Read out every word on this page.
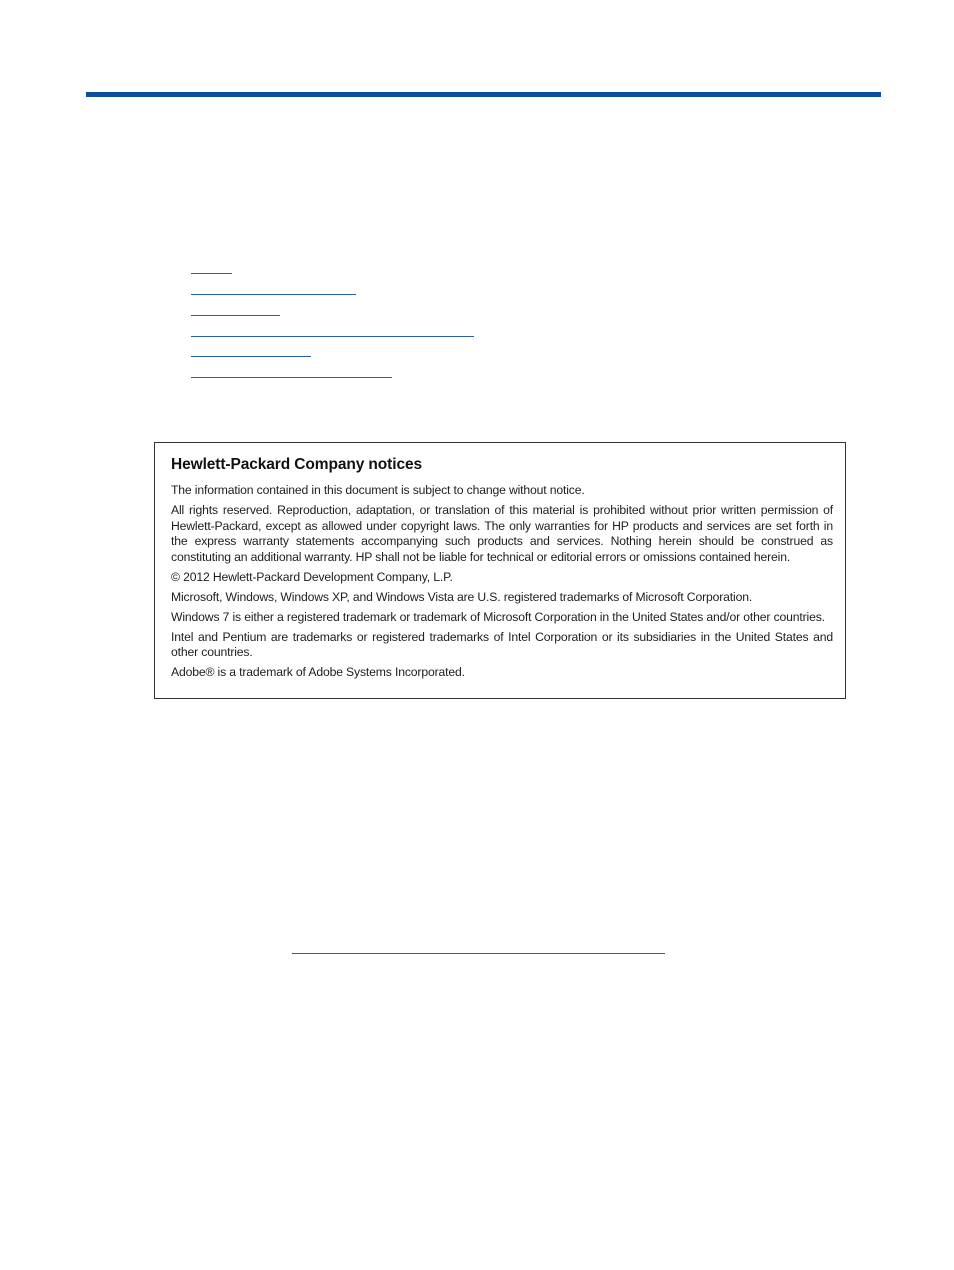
Hewlett-Packard Company notices

The information contained in this document is subject to change without notice.

All rights reserved. Reproduction, adaptation, or translation of this material is prohibited without prior written permission of Hewlett-Packard, except as allowed under copyright laws. The only warranties for HP products and services are set forth in the express warranty statements accompanying such products and services. Nothing herein should be construed as constituting an additional warranty. HP shall not be liable for technical or editorial errors or omissions contained herein.

© 2012 Hewlett-Packard Development Company, L.P.

Microsoft, Windows, Windows XP, and Windows Vista are U.S. registered trademarks of Microsoft Corporation.

Windows 7 is either a registered trademark or trademark of Microsoft Corporation in the United States and/or other countries.

Intel and Pentium are trademarks or registered trademarks of Intel Corporation or its subsidiaries in the United States and other countries.

Adobe® is a trademark of Adobe Systems Incorporated.
